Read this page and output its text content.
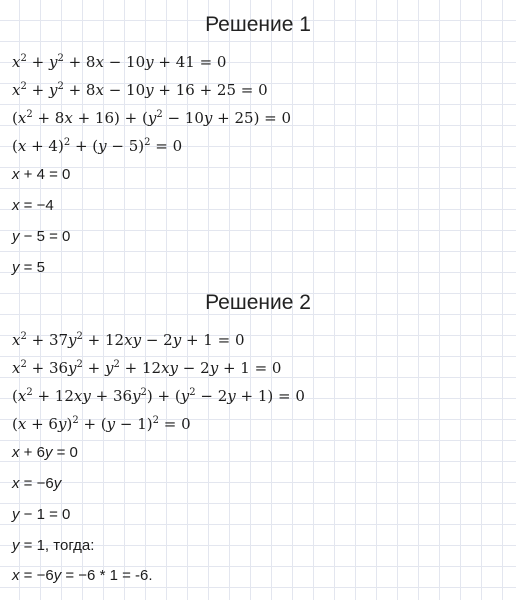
Решение 1
$x^2 + y^2 + 8x - 10y + 41 = 0$
$x^2 + y^2 + 8x - 10y + 16 + 25 = 0$
$(x^2 + 8x + 16) + (y^2 - 10y + 25) = 0$
$(x + 4)^2 + (y - 5)^2 = 0$
x + 4 = 0
x = −4
y − 5 = 0
y = 5
Решение 2
$x^2 + 37y^2 + 12xy - 2y + 1 = 0$
$x^2 + 36y^2 + y^2 + 12xy - 2y + 1 = 0$
$(x^2 + 12xy + 36y^2) + (y^2 - 2y + 1) = 0$
$(x + 6y)^2 + (y - 1)^2 = 0$
x + 6y = 0
x = −6y
y − 1 = 0
y = 1, тогда:
x = −6y = −6 * 1 = -6.
